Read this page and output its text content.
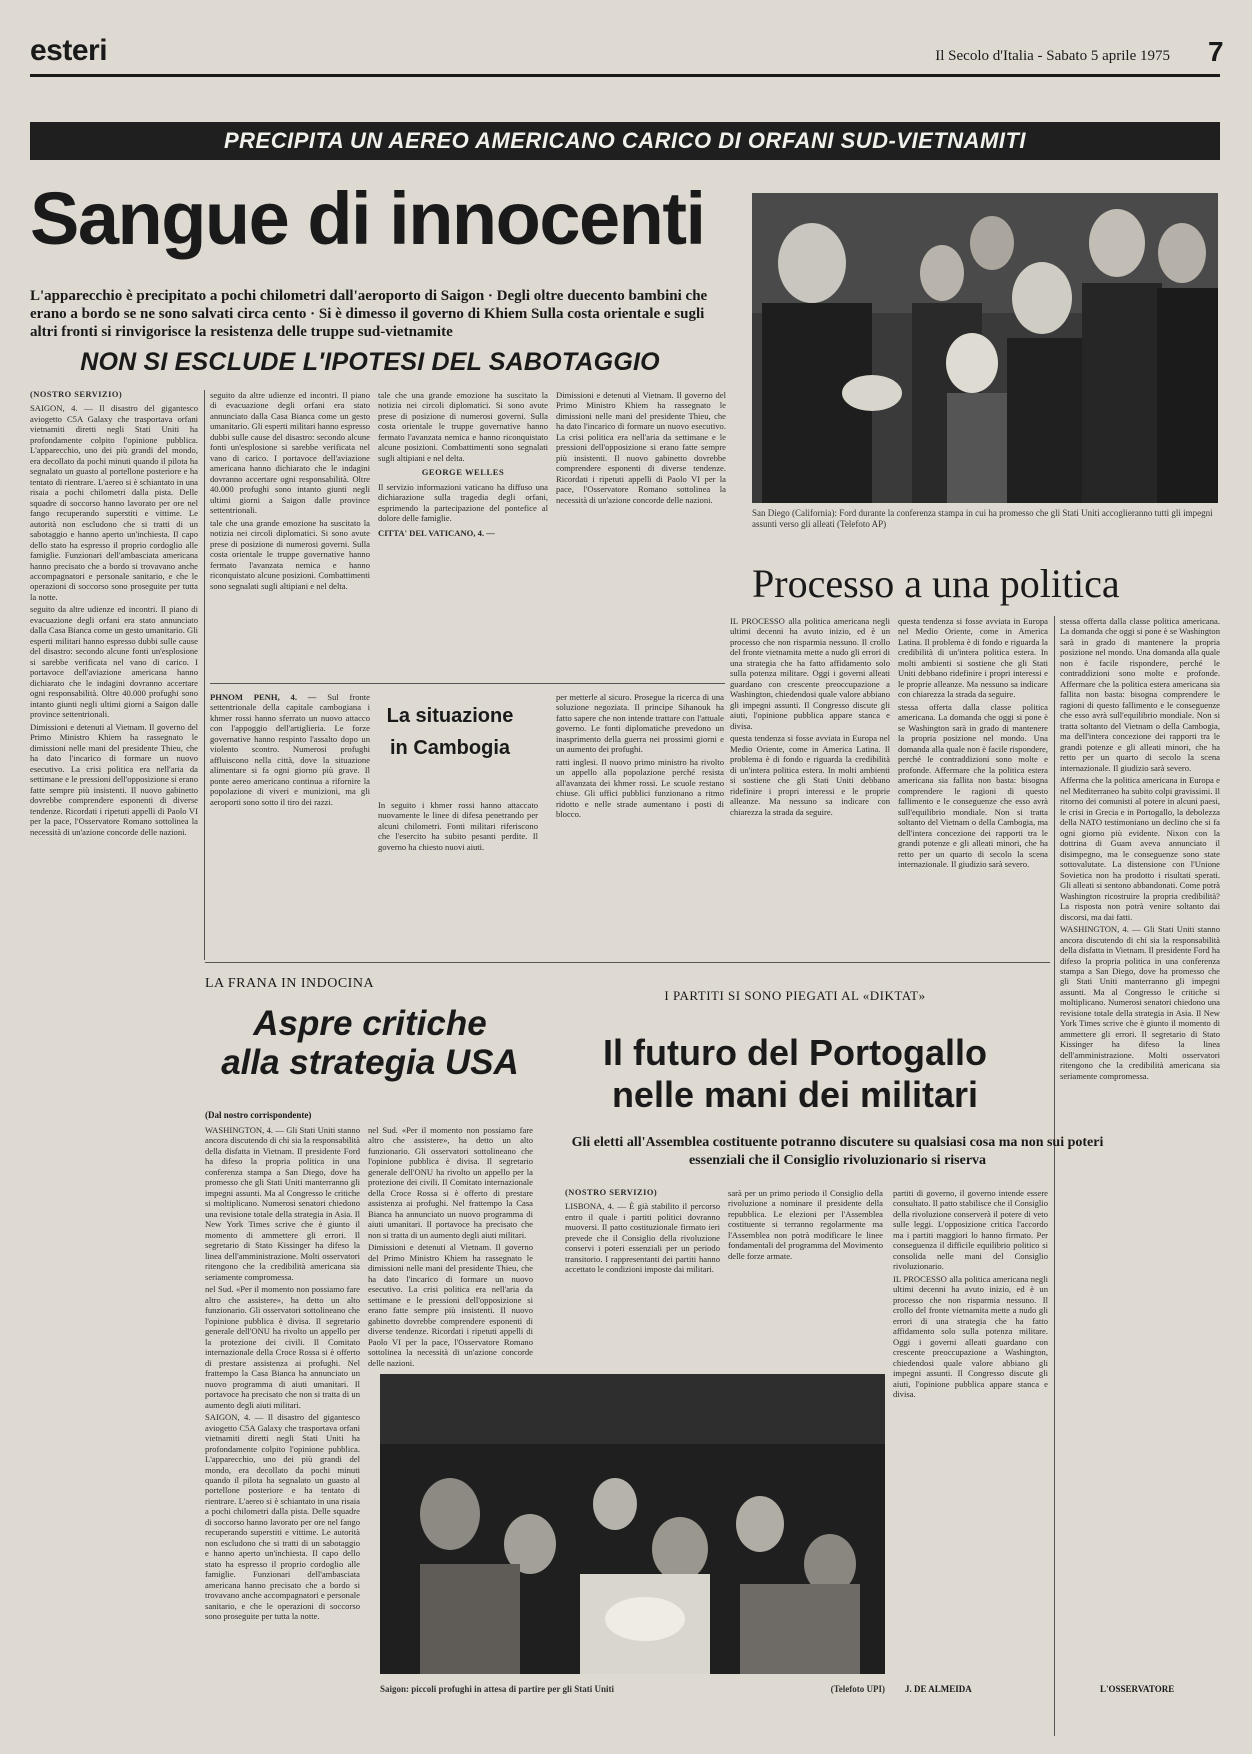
esteri	Il Secolo d'Italia - Sabato 5 aprile 1975 7
PRECIPITA UN AEREO AMERICANO CARICO DI ORFANI SUD-VIETNAMITI
Sangue di innocenti
L'apparecchio è precipitato a pochi chilometri dall'aeroporto di Saigon · Degli oltre duecento bambini che erano a bordo se ne sono salvati circa cento · Si è dimesso il governo di Khiem Sulla costa orientale e sugli altri fronti si rinvigorisce la resistenza delle truppe sud-vietnamite
NON SI ESCLUDE L'IPOTESI DEL SABOTAGGIO
(NOSTRO SERVIZIO)

SAIGON, 4. — Il disastro del gigantesco aviogetto C5A Galaxy che trasportava orfani vietnamiti diretti negli Stati Uniti ha profondamente colpito l'opinione pubblica. L'apparecchio, uno dei più grandi del mondo, era decollato da pochi minuti quando il pilota ha segnalato un guasto al portellone posteriore e ha tentato di rientrare. L'aereo si è schiantato in una risaia a pochi chilometri dalla pista. Delle squadre di soccorso hanno lavorato per ore nel fango recuperando superstiti e vittime. Le autorità non escludono che si tratti di un sabotaggio e hanno aperto un'inchiesta. Il capo dello stato ha espresso il proprio cordoglio alle famiglie. Funzionari dell'ambasciata americana hanno precisato che a bordo si trovavano anche accompagnatori e personale sanitario, e che le operazioni di soccorso sono proseguite per tutta la notte.

seguito da altre udienze ed incontri. Il piano di evacuazione degli orfani era stato annunciato dalla Casa Bianca come un gesto umanitario. Gli esperti militari hanno espresso dubbi sulle cause del disastro: secondo alcune fonti un'esplosione si sarebbe verificata nel vano di carico. I portavoce dell'aviazione americana hanno dichiarato che le indagini dovranno accertare ogni responsabilità. Oltre 40.000 profughi sono intanto giunti negli ultimi giorni a Saigon dalle province settentrionali.

Dimissioni e detenuti al Vietnam. Il governo del Primo Ministro Khiem ha rassegnato le dimissioni nelle mani del presidente Thieu, che ha dato l'incarico di formare un nuovo esecutivo. La crisi politica era nell'aria da settimane e le pressioni dell'opposizione si erano fatte sempre più insistenti. Il nuovo gabinetto dovrebbe comprendere esponenti di diverse tendenze. Ricordati i ripetuti appelli di Paolo VI per la pace, l'Osservatore Romano sottolinea la necessità di un'azione concorde delle nazioni.

seguito da altre udienze ed incontri. Il piano di evacuazione degli orfani era stato annunciato dalla Casa Bianca come un gesto umanitario. Gli esperti militari hanno espresso dubbi sulle cause del disastro: secondo alcune fonti un'esplosione si sarebbe verificata nel vano di carico. I portavoce dell'aviazione americana hanno dichiarato che le indagini dovranno accertare ogni responsabilità. Oltre 40.000 profughi sono intanto giunti negli ultimi giorni a Saigon dalle province settentrionali.

tale che una grande emozione ha suscitato la notizia nei circoli diplomatici. Si sono avute prese di posizione di numerosi governi. Sulla costa orientale le truppe governative hanno fermato l'avanzata nemica e hanno riconquistato alcune posizioni. Combattimenti sono segnalati sugli altipiani e nel delta.

tale che una grande emozione ha suscitato la notizia nei circoli diplomatici. Si sono avute prese di posizione di numerosi governi. Sulla costa orientale le truppe governative hanno fermato l'avanzata nemica e hanno riconquistato alcune posizioni. Combattimenti sono segnalati sugli altipiani e nel delta.

GEORGE WELLES

Il servizio informazioni vaticano ha diffuso una dichiarazione sulla tragedia degli orfani, esprimendo la partecipazione del pontefice al dolore delle famiglie.

CITTA' DEL VATICANO, 4. —

Dimissioni e detenuti al Vietnam. Il governo del Primo Ministro Khiem ha rassegnato le dimissioni nelle mani del presidente Thieu, che ha dato l'incarico di formare un nuovo esecutivo. La crisi politica era nell'aria da settimane e le pressioni dell'opposizione si erano fatte sempre più insistenti. Il nuovo gabinetto dovrebbe comprendere esponenti di diverse tendenze. Ricordati i ripetuti appelli di Paolo VI per la pace, l'Osservatore Romano sottolinea la necessità di un'azione concorde delle nazioni.

San Diego (California): Ford durante la conferenza stampa in cui ha promesso che gli Stati Uniti accoglieranno tutti gli impegni assunti verso gli alleati (Telefoto AP)
Processo a una politica

IL PROCESSO alla politica americana negli ultimi decenni ha avuto inizio, ed è un processo che non risparmia nessuno. Il crollo del fronte vietnamita mette a nudo gli errori di una strategia che ha fatto affidamento solo sulla potenza militare. Oggi i governi alleati guardano con crescente preoccupazione a Washington, chiedendosi quale valore abbiano gli impegni assunti. Il Congresso discute gli aiuti, l'opinione pubblica appare stanca e divisa.

questa tendenza si fosse avviata in Europa nel Medio Oriente, come in America Latina. Il problema è di fondo e riguarda la credibilità di un'intera politica estera. In molti ambienti si sostiene che gli Stati Uniti debbano ridefinire i propri interessi e le proprie alleanze. Ma nessuno sa indicare con chiarezza la strada da seguire.

questa tendenza si fosse avviata in Europa nel Medio Oriente, come in America Latina. Il problema è di fondo e riguarda la credibilità di un'intera politica estera. In molti ambienti si sostiene che gli Stati Uniti debbano ridefinire i propri interessi e le proprie alleanze. Ma nessuno sa indicare con chiarezza la strada da seguire.

stessa offerta dalla classe politica americana. La domanda che oggi si pone è se Washington sarà in grado di mantenere la propria posizione nel mondo. Una domanda alla quale non è facile rispondere, perché le contraddizioni sono molte e profonde. Affermare che la politica estera americana sia fallita non basta: bisogna comprendere le ragioni di questo fallimento e le conseguenze che esso avrà sull'equilibrio mondiale. Non si tratta soltanto del Vietnam o della Cambogia, ma dell'intera concezione dei rapporti tra le grandi potenze e gli alleati minori, che ha retto per un quarto di secolo la scena internazionale. Il giudizio sarà severo.

stessa offerta dalla classe politica americana. La domanda che oggi si pone è se Washington sarà in grado di mantenere la propria posizione nel mondo. Una domanda alla quale non è facile rispondere, perché le contraddizioni sono molte e profonde. Affermare che la politica estera americana sia fallita non basta: bisogna comprendere le ragioni di questo fallimento e le conseguenze che esso avrà sull'equilibrio mondiale. Non si tratta soltanto del Vietnam o della Cambogia, ma dell'intera concezione dei rapporti tra le grandi potenze e gli alleati minori, che ha retto per un quarto di secolo la scena internazionale. Il giudizio sarà severo.

Afferma che la politica americana in Europa e nel Mediterraneo ha subito colpi gravissimi. Il ritorno dei comunisti al potere in alcuni paesi, le crisi in Grecia e in Portogallo, la debolezza della NATO testimoniano un declino che si fa ogni giorno più evidente. Nixon con la dottrina di Guam aveva annunciato il disimpegno, ma le conseguenze sono state sottovalutate. La distensione con l'Unione Sovietica non ha prodotto i risultati sperati. Gli alleati si sentono abbandonati. Come potrà Washington ricostruire la propria credibilità? La risposta non potrà venire soltanto dai discorsi, ma dai fatti.

WASHINGTON, 4. — Gli Stati Uniti stanno ancora discutendo di chi sia la responsabilità della disfatta in Vietnam. Il presidente Ford ha difeso la propria politica in una conferenza stampa a San Diego, dove ha promesso che gli Stati Uniti manterranno gli impegni assunti. Ma al Congresso le critiche si moltiplicano. Numerosi senatori chiedono una revisione totale della strategia in Asia. Il New York Times scrive che è giunto il momento di ammettere gli errori. Il segretario di Stato Kissinger ha difeso la linea dell'amministrazione. Molti osservatori ritengono che la credibilità americana sia seriamente compromessa.

PHNOM PENH, 4. — Sul fronte settentrionale della capitale cambogiana i khmer rossi hanno sferrato un nuovo attacco con l'appoggio dell'artiglieria. Le forze governative hanno respinto l'assalto dopo un violento scontro. Numerosi profughi affluiscono nella città, dove la situazione alimentare si fa ogni giorno più grave. Il ponte aereo americano continua a rifornire la popolazione di viveri e munizioni, ma gli aeroporti sono sotto il tiro dei razzi.
La situazione
in Cambogia

In seguito i khmer rossi hanno attaccato nuovamente le linee di difesa penetrando per alcuni chilometri. Fonti militari riferiscono che l'esercito ha subito pesanti perdite. Il governo ha chiesto nuovi aiuti.

per metterle al sicuro. Prosegue la ricerca di una soluzione negoziata. Il principe Sihanouk ha fatto sapere che non intende trattare con l'attuale governo. Le fonti diplomatiche prevedono un inasprimento della guerra nei prossimi giorni e un aumento dei profughi.

ratti inglesi. Il nuovo primo ministro ha rivolto un appello alla popolazione perché resista all'avanzata dei khmer rossi. Le scuole restano chiuse. Gli uffici pubblici funzionano a ritmo ridotto e nelle strade aumentano i posti di blocco.

LA FRANA IN INDOCINA
Aspre critiche
alla strategia USA
(Dal nostro corrispondente)

WASHINGTON, 4. — Gli Stati Uniti stanno ancora discutendo di chi sia la responsabilità della disfatta in Vietnam. Il presidente Ford ha difeso la propria politica in una conferenza stampa a San Diego, dove ha promesso che gli Stati Uniti manterranno gli impegni assunti. Ma al Congresso le critiche si moltiplicano. Numerosi senatori chiedono una revisione totale della strategia in Asia. Il New York Times scrive che è giunto il momento di ammettere gli errori. Il segretario di Stato Kissinger ha difeso la linea dell'amministrazione. Molti osservatori ritengono che la credibilità americana sia seriamente compromessa.

nel Sud. «Per il momento non possiamo fare altro che assistere», ha detto un alto funzionario. Gli osservatori sottolineano che l'opinione pubblica è divisa. Il segretario generale dell'ONU ha rivolto un appello per la protezione dei civili. Il Comitato internazionale della Croce Rossa si è offerto di prestare assistenza ai profughi. Nel frattempo la Casa Bianca ha annunciato un nuovo programma di aiuti umanitari. Il portavoce ha precisato che non si tratta di un aumento degli aiuti militari.

SAIGON, 4. — Il disastro del gigantesco aviogetto C5A Galaxy che trasportava orfani vietnamiti diretti negli Stati Uniti ha profondamente colpito l'opinione pubblica. L'apparecchio, uno dei più grandi del mondo, era decollato da pochi minuti quando il pilota ha segnalato un guasto al portellone posteriore e ha tentato di rientrare. L'aereo si è schiantato in una risaia a pochi chilometri dalla pista. Delle squadre di soccorso hanno lavorato per ore nel fango recuperando superstiti e vittime. Le autorità non escludono che si tratti di un sabotaggio e hanno aperto un'inchiesta. Il capo dello stato ha espresso il proprio cordoglio alle famiglie. Funzionari dell'ambasciata americana hanno precisato che a bordo si trovavano anche accompagnatori e personale sanitario, e che le operazioni di soccorso sono proseguite per tutta la notte.

nel Sud. «Per il momento non possiamo fare altro che assistere», ha detto un alto funzionario. Gli osservatori sottolineano che l'opinione pubblica è divisa. Il segretario generale dell'ONU ha rivolto un appello per la protezione dei civili. Il Comitato internazionale della Croce Rossa si è offerto di prestare assistenza ai profughi. Nel frattempo la Casa Bianca ha annunciato un nuovo programma di aiuti umanitari. Il portavoce ha precisato che non si tratta di un aumento degli aiuti militari.

Dimissioni e detenuti al Vietnam. Il governo del Primo Ministro Khiem ha rassegnato le dimissioni nelle mani del presidente Thieu, che ha dato l'incarico di formare un nuovo esecutivo. La crisi politica era nell'aria da settimane e le pressioni dell'opposizione si erano fatte sempre più insistenti. Il nuovo gabinetto dovrebbe comprendere esponenti di diverse tendenze. Ricordati i ripetuti appelli di Paolo VI per la pace, l'Osservatore Romano sottolinea la necessità di un'azione concorde delle nazioni.

I PARTITI SI SONO PIEGATI AL «DIKTAT»
Il futuro del Portogallo
nelle mani dei militari
Gli eletti all'Assemblea costituente potranno discutere su qualsiasi cosa ma non sui poteri essenziali che il Consiglio rivoluzionario si riserva
(NOSTRO SERVIZIO)

LISBONA, 4. — È già stabilito il percorso entro il quale i partiti politici dovranno muoversi. Il patto costituzionale firmato ieri prevede che il Consiglio della rivoluzione conservi i poteri essenziali per un periodo transitorio. I rappresentanti dei partiti hanno accettato le condizioni imposte dai militari.

sarà per un primo periodo il Consiglio della rivoluzione a nominare il presidente della repubblica. Le elezioni per l'Assemblea costituente si terranno regolarmente ma l'Assemblea non potrà modificare le linee fondamentali del programma del Movimento delle forze armate.

partiti di governo, il governo intende essere consultato. Il patto stabilisce che il Consiglio della rivoluzione conserverà il potere di veto sulle leggi. L'opposizione critica l'accordo ma i partiti maggiori lo hanno firmato. Per conseguenza il difficile equilibrio politico si consolida nelle mani del Consiglio rivoluzionario.

IL PROCESSO alla politica americana negli ultimi decenni ha avuto inizio, ed è un processo che non risparmia nessuno. Il crollo del fronte vietnamita mette a nudo gli errori di una strategia che ha fatto affidamento solo sulla potenza militare. Oggi i governi alleati guardano con crescente preoccupazione a Washington, chiedendosi quale valore abbiano gli impegni assunti. Il Congresso discute gli aiuti, l'opinione pubblica appare stanca e divisa.

Saigon: piccoli profughi in attesa di partire per gli Stati Uniti	(Telefoto UPI) J. DE ALMEIDA	L'OSSERVATORE
